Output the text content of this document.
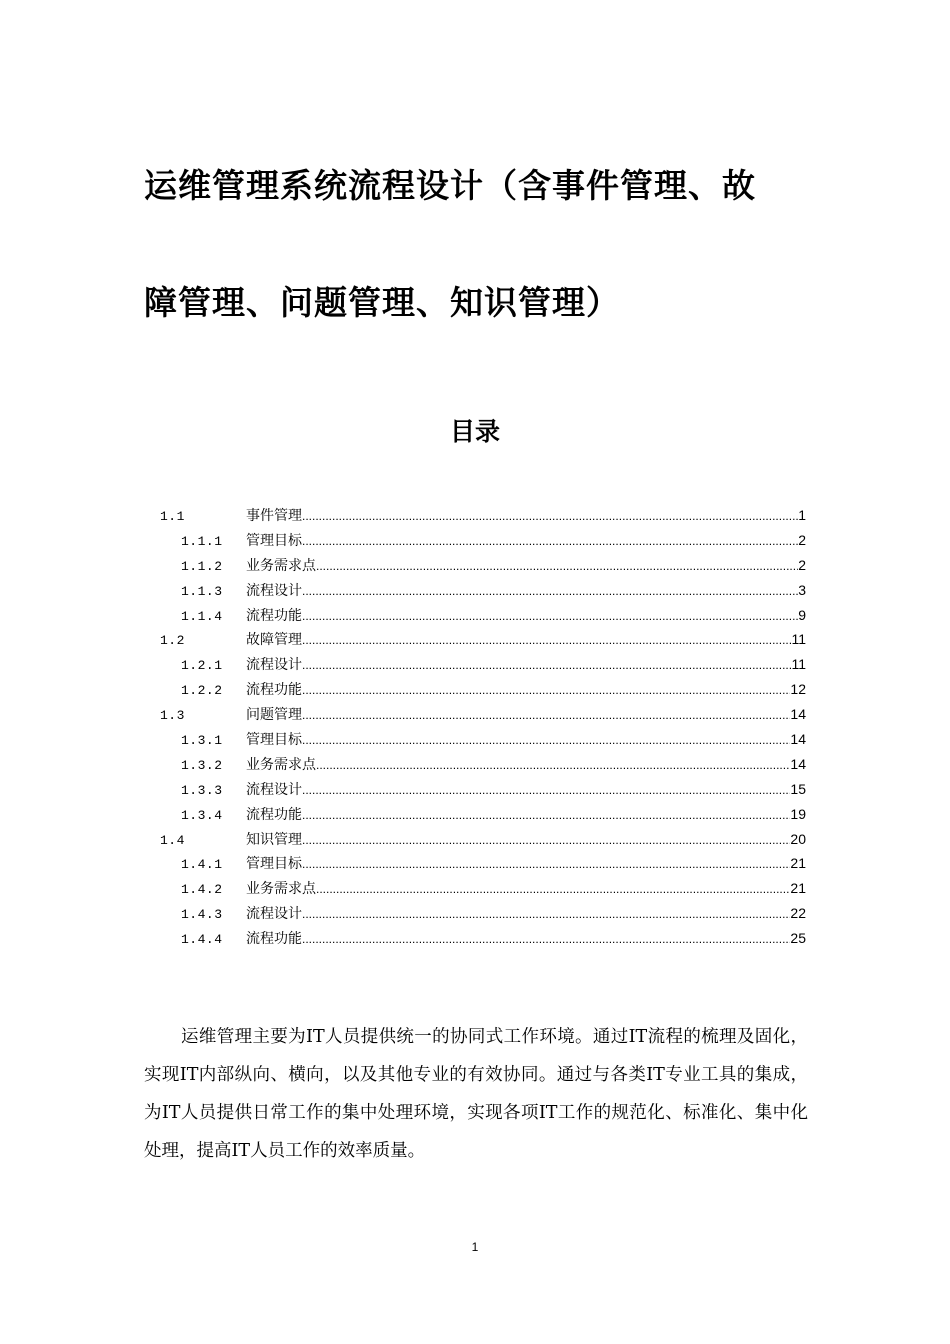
运维管理系统流程设计（含事件管理、故
障管理、问题管理、知识管理）
目录
1.1	事件管理 .....	1
1.1.1	管理目标 .....	2
1.1.2	业务需求点 .....	2
1.1.3	流程设计 .....	3
1.1.4	流程功能 .....	9
1.2	故障管理 .....	11
1.2.1	流程设计 .....	11
1.2.2	流程功能 .....	12
1.3	问题管理 .....	14
1.3.1	管理目标 .....	14
1.3.2	业务需求点 .....	14
1.3.3	流程设计 .....	15
1.3.4	流程功能 .....	19
1.4	知识管理 .....	20
1.4.1	管理目标 .....	21
1.4.2	业务需求点 .....	21
1.4.3	流程设计 .....	22
1.4.4	流程功能 .....	25

运维管理主要为IT人员提供统一的协同式工作环境。通过IT流程的梳理及固化，实现IT内部纵向、横向，以及其他专业的有效协同。通过与各类IT专业工具的集成，为IT人员提供日常工作的集中处理环境，实现各项IT工作的规范化、标准化、集中化处理，提高IT人员工作的效率质量。

1
